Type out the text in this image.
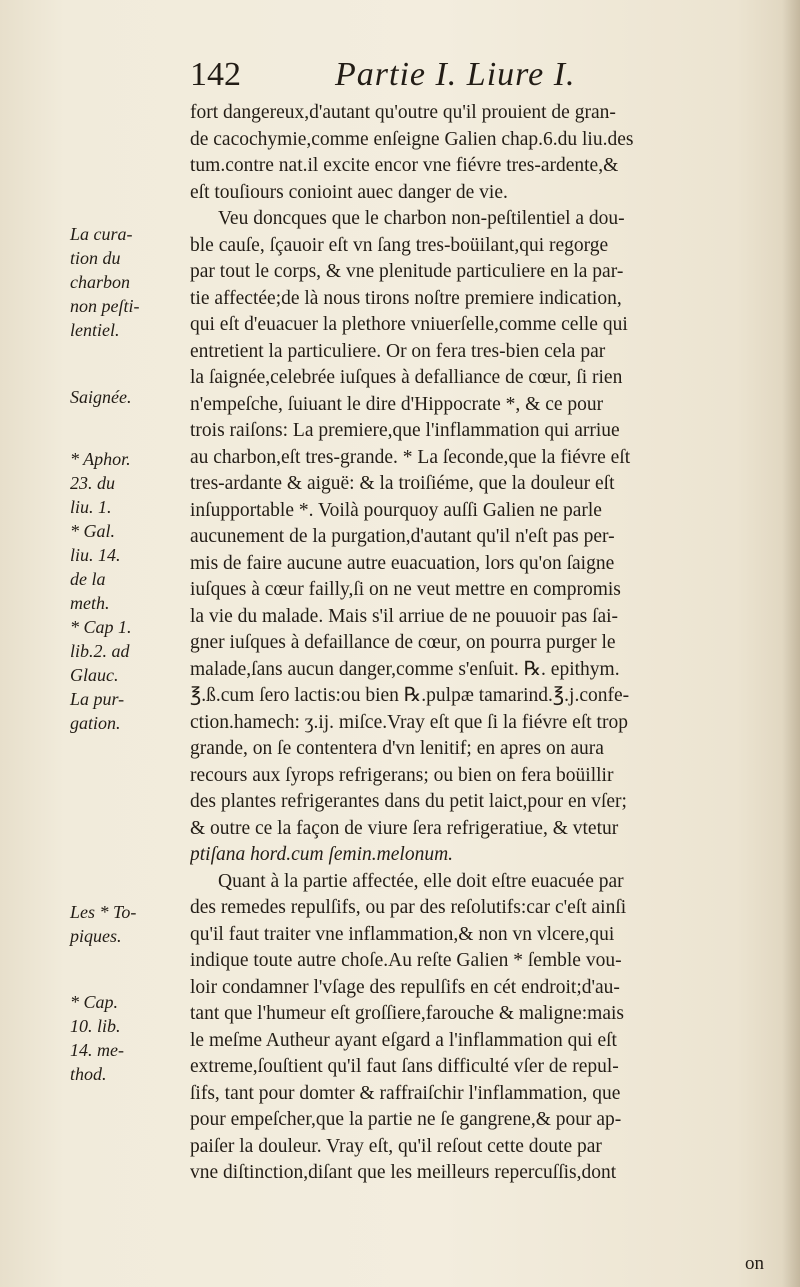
142	Partie I. Liure I.
fort dangereux,d'autant qu'outre qu'il prouient de gran-
de cacochymie,comme enſeigne Galien chap.6.du liu.des
tum.contre nat.il excite encor vne fiévre tres-ardente,&
eſt touſiours conioint auec danger de vie.
Veu doncques que le charbon non-peſtilentiel a dou-
ble cauſe, ſçauoir eſt vn ſang tres-boüilant,qui regorge
par tout le corps, & vne plenitude particuliere en la par-
tie affectée;de là nous tirons noſtre premiere indication,
qui eſt d'euacuer la plethore vniuerſelle,comme celle qui
entretient la particuliere. Or on fera tres-bien cela par
la ſaignée,celebrée iuſques à defalliance de cœur, ſi rien
n'empeſche, ſuiuant le dire d'Hippocrate *, & ce pour
trois raiſons: La premiere,que l'inflammation qui arriue
au charbon,eſt tres-grande. * La ſeconde,que la fiévre eſt
tres-ardante & aiguë: & la troiſiéme, que la douleur eſt
inſupportable *. Voilà pourquoy auſſi Galien ne parle
aucunement de la purgation,d'autant qu'il n'eſt pas per-
mis de faire aucune autre euacuation, lors qu'on ſaigne
iuſques à cœur failly,ſi on ne veut mettre en compromis
la vie du malade. Mais s'il arriue de ne pouuoir pas ſai-
gner iuſques à defaillance de cœur, on pourra purger le
malade,ſans aucun danger,comme s'enſuit. ℞. epithym.
℥.ß.cum ſero lactis:ou bien ℞.pulpæ tamarind.℥.j.confe-
ction.hamech: ʒ.ij. miſce.Vray eſt que ſi la fiévre eſt trop
grande, on ſe contentera d'vn lenitif; en apres on aura
recours aux ſyrops refrigerans; ou bien on fera boüillir
des plantes refrigerantes dans du petit laict,pour en vſer;
& outre ce la façon de viure ſera refrigeratiue, & vtetur
ptiſana hord.cum ſemin.melonum.
Quant à la partie affectée, elle doit eſtre euacuée par
des remedes repulſifs, ou par des reſolutifs:car c'eſt ainſi
qu'il faut traiter vne inflammation,& non vn vlcere,qui
indique toute autre choſe.Au reſte Galien * ſemble vou-
loir condamner l'vſage des repulſifs en cét endroit;d'au-
tant que l'humeur eſt groſſiere,farouche & maligne:mais
le meſme Autheur ayant eſgard a l'inflammation qui eſt
extreme,ſouſtient qu'il faut ſans difficulté vſer de repul-
ſifs, tant pour domter & raffraiſchir l'inflammation, que
pour empeſcher,que la partie ne ſe gangrene,& pour ap-
paiſer la douleur. Vray eſt, qu'il reſout cette doute par
vne diſtinction,diſant que les meilleurs repercuſſis,dont
La cura-
tion du
charbon
non peſti-
lentiel.
Saignée.
* Aphor.
23. du
liu. 1.
* Gal.
liu. 14.
de la
meth.
* Cap 1.
lib.2. ad
Glauc.
La pur-
gation.
Les * To-
piques.
* Cap.
10. lib.
14. me-
thod.
on
